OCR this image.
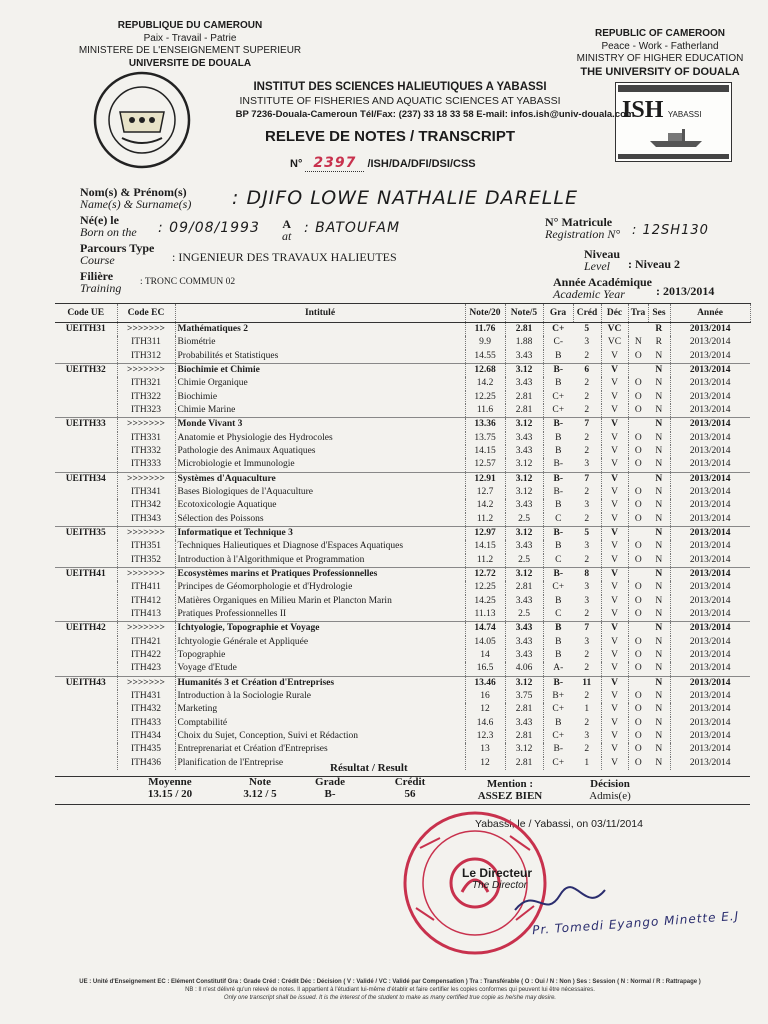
REPUBLIQUE DU CAMEROUN
Paix - Travail - Patrie
MINISTERE DE L'ENSEIGNEMENT SUPERIEUR
UNIVERSITE DE DOUALA
REPUBLIC OF CAMEROON
Peace - Work - Fatherland
MINISTRY OF HIGHER EDUCATION
THE UNIVERSITY OF DOUALA
ISH YABASSI
INSTITUT DES SCIENCES HALIEUTIQUES A YABASSI
INSTITUTE OF FISHERIES AND AQUATIC SCIENCES AT YABASSI
BP 7236-Douala-Cameroun Tél/Fax: (237) 33 18 33 58 E-mail: infos.ish@univ-douala.com
RELEVE DE NOTES / TRANSCRIPT
N° 2397 /ISH/DA/DFI/DSI/CSS
Nom(s) & Prénom(s)
Name(s) & Surname(s) : DJIFO LOWE NATHALIE DARELLE
Né(e) le
Born on the : 09/08/1993 A
at : BATOUFAM
Parcours Type
Course	: INGENIEUR DES TRAVAUX HALIEUTES
Filière
Training : TRONC COMMUN 02
N° Matricule
Registration N° : 12SH130
Niveau
Level	: Niveau 2
Année Académique
Academic Year	: 2013/2014
Code UE	Code EC	Intitulé	Note/20	Note/5	Gra	Créd	Déc	Tra	Ses	Année
UEITH31	>>>>>>>	Mathématiques 2	11.76	2.81	C+	5	VC		R	2013/2014
	ITH311	Biométrie	9.9	1.88	C-	3	VC	N	R	2013/2014
	ITH312	Probabilités et Statistiques	14.55	3.43	B	2	V	O	N	2013/2014
UEITH32	>>>>>>>	Biochimie et Chimie	12.68	3.12	B-	6	V		N	2013/2014
	ITH321	Chimie Organique	14.2	3.43	B	2	V	O	N	2013/2014
	ITH322	Biochimie	12.25	2.81	C+	2	V	O	N	2013/2014
	ITH323	Chimie Marine	11.6	2.81	C+	2	V	O	N	2013/2014
UEITH33	>>>>>>>	Monde Vivant 3	13.36	3.12	B-	7	V		N	2013/2014
	ITH331	Anatomie et Physiologie des Hydrocoles	13.75	3.43	B	2	V	O	N	2013/2014
	ITH332	Pathologie des Animaux Aquatiques	14.15	3.43	B	2	V	O	N	2013/2014
	ITH333	Microbiologie et Immunologie	12.57	3.12	B-	3	V	O	N	2013/2014
UEITH34	>>>>>>>	Systèmes d'Aquaculture	12.91	3.12	B-	7	V		N	2013/2014
	ITH341	Bases Biologiques de l'Aquaculture	12.7	3.12	B-	2	V	O	N	2013/2014
	ITH342	Ecotoxicologie Aquatique	14.2	3.43	B	3	V	O	N	2013/2014
	ITH343	Sélection des Poissons	11.2	2.5	C	2	V	O	N	2013/2014
UEITH35	>>>>>>>	Informatique et Technique 3	12.97	3.12	B-	5	V		N	2013/2014
	ITH351	Techniques Halieutiques et Diagnose d'Espaces Aquatiques	14.15	3.43	B	3	V	O	N	2013/2014
	ITH352	Introduction à l'Algorithmique et Programmation	11.2	2.5	C	2	V	O	N	2013/2014
UEITH41	>>>>>>>	Ecosystèmes marins et Pratiques Professionnelles	12.72	3.12	B-	8	V		N	2013/2014
	ITH411	Principes de Géomorphologie et d'Hydrologie	12.25	2.81	C+	3	V	O	N	2013/2014
	ITH412	Matières Organiques en Milieu Marin et Plancton Marin	14.25	3.43	B	3	V	O	N	2013/2014
	ITH413	Pratiques Professionnelles II	11.13	2.5	C	2	V	O	N	2013/2014
UEITH42	>>>>>>>	Ichtyologie, Topographie et Voyage	14.74	3.43	B	7	V		N	2013/2014
	ITH421	Ichtyologie Générale et Appliquée	14.05	3.43	B	3	V	O	N	2013/2014
	ITH422	Topographie	14	3.43	B	2	V	O	N	2013/2014
	ITH423	Voyage d'Etude	16.5	4.06	A-	2	V	O	N	2013/2014
UEITH43	>>>>>>>	Humanités 3 et Création d'Entreprises	13.46	3.12	B-	11	V		N	2013/2014
	ITH431	Introduction à la Sociologie Rurale	16	3.75	B+	2	V	O	N	2013/2014
	ITH432	Marketing	12	2.81	C+	1	V	O	N	2013/2014
	ITH433	Comptabilité	14.6	3.43	B	2	V	O	N	2013/2014
	ITH434	Choix du Sujet, Conception, Suivi et Rédaction	12.3	2.81	C+	3	V	O	N	2013/2014
	ITH435	Entreprenariat et Création d'Entreprises	13	3.12	B-	2	V	O	N	2013/2014
	ITH436	Planification de l'Entreprise	12	2.81	C+	1	V	O	N	2013/2014
Résultat / Result
Moyenne
13.15 / 20
Note
3.12 / 5
Grade
B-
Crédit
56
Mention :
ASSEZ BIEN
Décision
Admis(e)
Yabassi, le / Yabassi, on 03/11/2014
Le Directeur
The Director
Pr. Tomedi Eyango Minette E.J
UE : Unité d'Enseignement EC : Elément Constitutif Gra : Grade Créd : Crédit Déc : Décision ( V : Validé / VC : Validé par Compensation ) Tra : Transférable ( O : Oui / N : Non ) Ses : Session ( N : Normal / R : Rattrapage )
NB : Il n'est délivré qu'un relevé de notes. Il appartient à l'étudiant lui-même d'établir et faire certifier les copies conformes qui peuvent lui être nécessaires.
Only one transcript shall be issued. It is the interest of the student to make as many certified true copie as he/she may desire.
